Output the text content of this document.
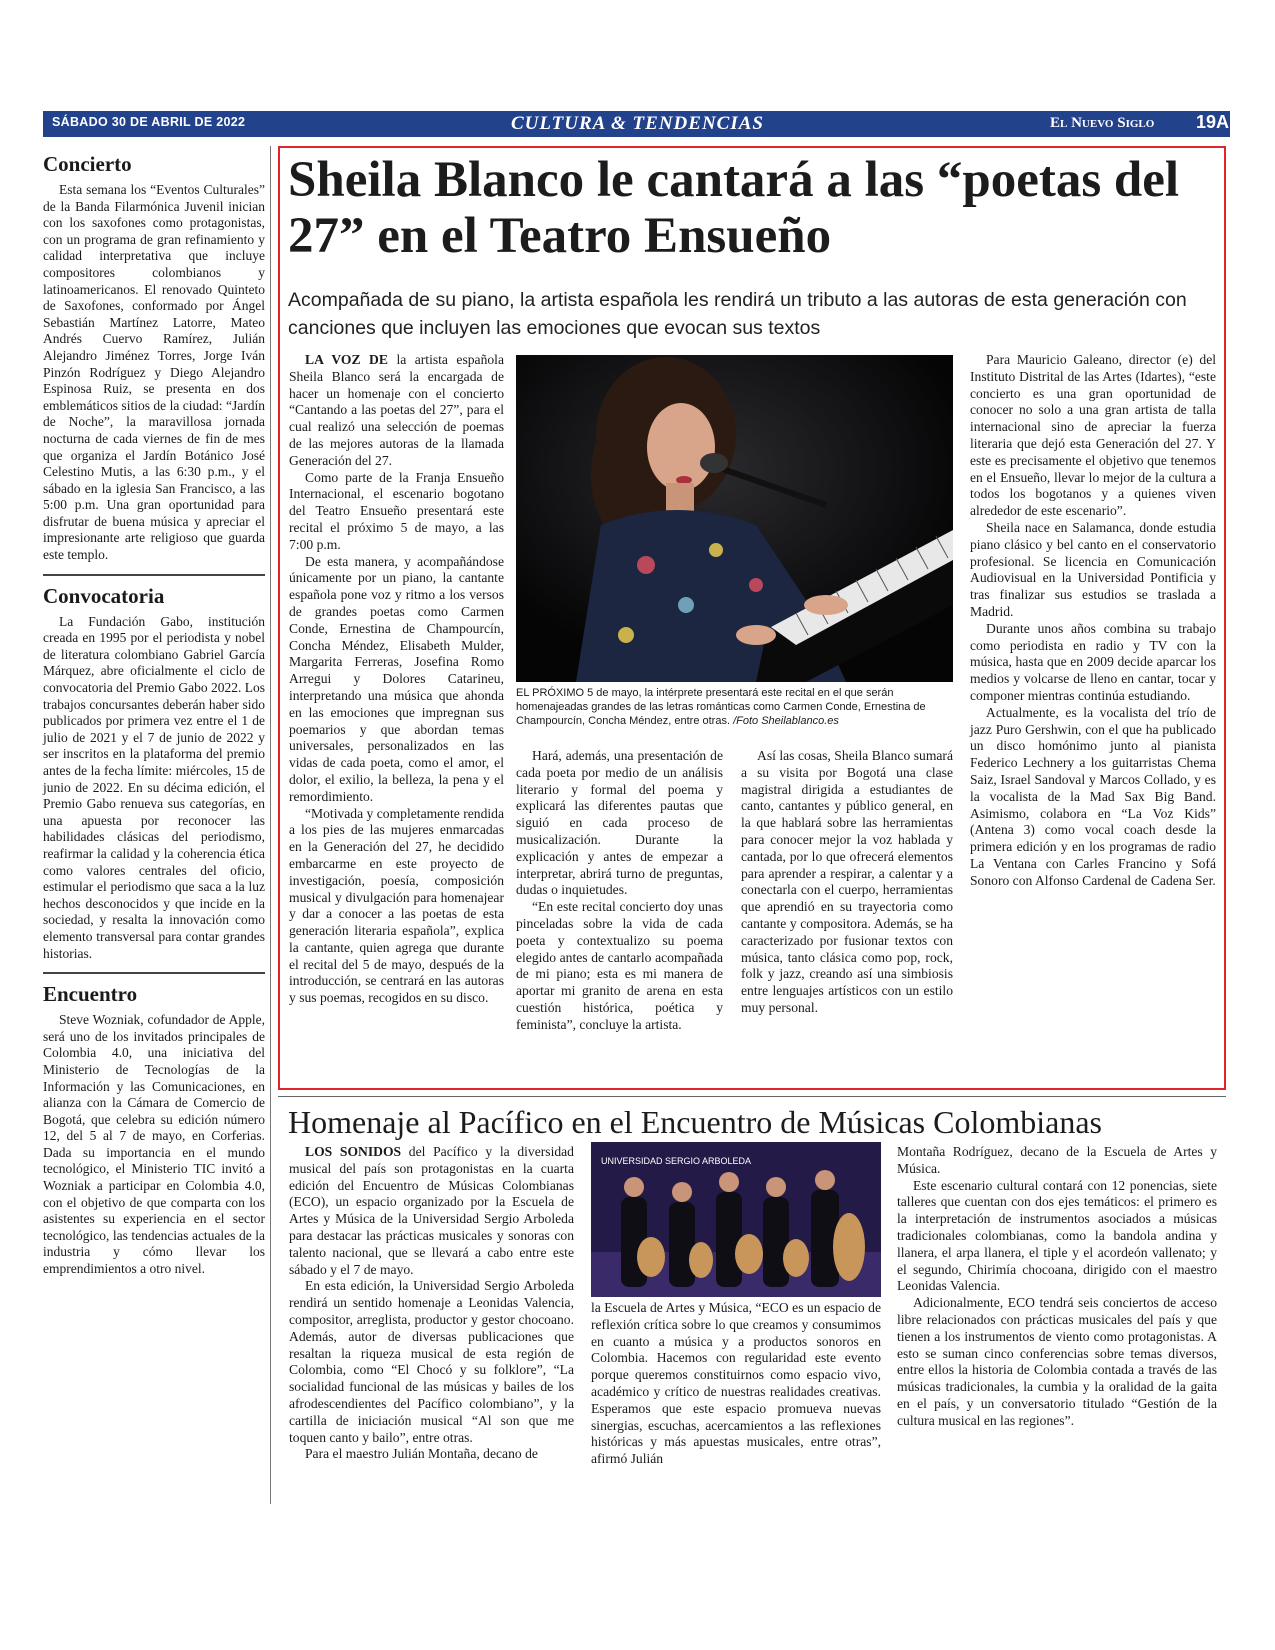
SÁBADO 30 DE ABRIL DE 2022	CULTURA & TENDENCIAS	El Nuevo Siglo 19A
Concierto

Esta semana los “Eventos Culturales” de la Banda Filarmónica Juvenil inician con los saxofones como protagonistas, con un programa de gran refinamiento y calidad interpretativa que incluye compositores colombianos y latinoamericanos. El renovado Quinteto de Saxofones, conformado por Ángel Sebastián Martínez Latorre, Mateo Andrés Cuervo Ramírez, Julián Alejandro Jiménez Torres, Jorge Iván Pinzón Rodríguez y Diego Alejandro Espinosa Ruiz, se presenta en dos emblemáticos sitios de la ciudad: “Jardín de Noche”, la maravillosa jornada nocturna de cada viernes de fin de mes que organiza el Jardín Botánico José Celestino Mutis, a las 6:30 p.m., y el sábado en la iglesia San Francisco, a las 5:00 p.m. Una gran oportunidad para disfrutar de buena música y apreciar el impresionante arte religioso que guarda este templo.

Convocatoria

La Fundación Gabo, institución creada en 1995 por el periodista y nobel de literatura colombiano Gabriel García Márquez, abre oficialmente el ciclo de convocatoria del Premio Gabo 2022. Los trabajos concursantes deberán haber sido publicados por primera vez entre el 1 de julio de 2021 y el 7 de junio de 2022 y ser inscritos en la plataforma del premio antes de la fecha límite: miércoles, 15 de junio de 2022. En su décima edición, el Premio Gabo renueva sus categorías, en una apuesta por reconocer las habilidades clásicas del periodismo, reafirmar la calidad y la coherencia ética como valores centrales del oficio, estimular el periodismo que saca a la luz hechos desconocidos y que incide en la sociedad, y resalta la innovación como elemento transversal para contar grandes historias.

Encuentro

Steve Wozniak, cofundador de Apple, será uno de los invitados principales de Colombia 4.0, una iniciativa del Ministerio de Tecnologías de la Información y las Comunicaciones, en alianza con la Cámara de Comercio de Bogotá, que celebra su edición número 12, del 5 al 7 de mayo, en Corferias. Dada su importancia en el mundo tecnológico, el Ministerio TIC invitó a Wozniak a participar en Colombia 4.0, con el objetivo de que comparta con los asistentes su experiencia en el sector tecnológico, las tendencias actuales de la industria y cómo llevar los emprendimientos a otro nivel.

Sheila Blanco le cantará a las “poetas del 27” en el Teatro Ensueño
Acompañada de su piano, la artista española les rendirá un tributo a las autoras de esta generación con canciones que incluyen las emociones que evocan sus textos

LA VOZ DE la artista española Sheila Blanco será la encargada de hacer un homenaje con el concierto “Cantando a las poetas del 27”, para el cual realizó una selección de poemas de las mejores autoras de la llamada Generación del 27.

Como parte de la Franja Ensueño Internacional, el escenario bogotano del Teatro Ensueño presentará este recital el próximo 5 de mayo, a las 7:00 p.m.

De esta manera, y acompañándose únicamente por un piano, la cantante española pone voz y ritmo a los versos de grandes poetas como Carmen Conde, Ernestina de Champourcín, Concha Méndez, Elisabeth Mulder, Margarita Ferreras, Josefina Romo Arregui y Dolores Catarineu, interpretando una música que ahonda en las emociones que impregnan sus poemarios y que abordan temas universales, personalizados en las vidas de cada poeta, como el amor, el dolor, el exilio, la belleza, la pena y el remordimiento.

“Motivada y completamente rendida a los pies de las mujeres enmarcadas en la Generación del 27, he decidido embarcarme en este proyecto de investigación, poesía, composición musical y divulgación para homenajear y dar a conocer a las poetas de esta generación literaria española”, explica la cantante, quien agrega que durante el recital del 5 de mayo, después de la introducción, se centrará en las autoras y sus poemas, recogidos en su disco.

EL PRÓXIMO 5 de mayo, la intérprete presentará este recital en el que serán homenajeadas grandes de las letras románticas como Carmen Conde, Ernestina de Champourcín, Concha Méndez, entre otras. /Foto Sheilablanco.es

Hará, además, una presentación de cada poeta por medio de un análisis literario y formal del poema y explicará las diferentes pautas que siguió en cada proceso de musicalización. Durante la explicación y antes de empezar a interpretar, abrirá turno de preguntas, dudas o inquietudes.

“En este recital concierto doy unas pinceladas sobre la vida de cada poeta y contextualizo su poema elegido antes de cantarlo acompañada de mi piano; esta es mi manera de aportar mi granito de arena en esta cuestión histórica, poética y feminista”, concluye la artista.

Así las cosas, Sheila Blanco sumará a su visita por Bogotá una clase magistral dirigida a estudiantes de canto, cantantes y público general, en la que hablará sobre las herramientas para conocer mejor la voz hablada y cantada, por lo que ofrecerá elementos para aprender a respirar, a calentar y a conectarla con el cuerpo, herramientas que aprendió en su trayectoria como cantante y compositora. Además, se ha caracterizado por fusionar textos con música, tanto clásica como pop, rock, folk y jazz, creando así una simbiosis entre lenguajes artísticos con un estilo muy personal.

Para Mauricio Galeano, director (e) del Instituto Distrital de las Artes (Idartes), “este concierto es una gran oportunidad de conocer no solo a una gran artista de talla internacional sino de apreciar la fuerza literaria que dejó esta Generación del 27. Y este es precisamente el objetivo que tenemos en el Ensueño, llevar lo mejor de la cultura a todos los bogotanos y a quienes viven alrededor de este escenario”.

Sheila nace en Salamanca, donde estudia piano clásico y bel canto en el conservatorio profesional. Se licencia en Comunicación Audiovisual en la Universidad Pontificia y tras finalizar sus estudios se traslada a Madrid.

Durante unos años combina su trabajo como periodista en radio y TV con la música, hasta que en 2009 decide aparcar los medios y volcarse de lleno en cantar, tocar y componer mientras continúa estudiando.

Actualmente, es la vocalista del trío de jazz Puro Gershwin, con el que ha publicado un disco homónimo junto al pianista Federico Lechnery a los guitarristas Chema Saiz, Israel Sandoval y Marcos Collado, y es la vocalista de la Mad Sax Big Band. Asimismo, colabora en “La Voz Kids” (Antena 3) como vocal coach desde la primera edición y en los programas de radio La Ventana con Carles Francino y Sofá Sonoro con Alfonso Cardenal de Cadena Ser.

Homenaje al Pacífico en el Encuentro de Músicas Colombianas

LOS SONIDOS del Pacífico y la diversidad musical del país son protagonistas en la cuarta edición del Encuentro de Músicas Colombianas (ECO), un espacio organizado por la Escuela de Artes y Música de la Universidad Sergio Arboleda para destacar las prácticas musicales y sonoras con talento nacional, que se llevará a cabo entre este sábado y el 7 de mayo.

En esta edición, la Universidad Sergio Arboleda rendirá un sentido homenaje a Leonidas Valencia, compositor, arreglista, productor y gestor chocoano. Además, autor de diversas publicaciones que resaltan la riqueza musical de esta región de Colombia, como “El Chocó y su folklore”, “La socialidad funcional de las músicas y bailes de los afrodescendientes del Pacífico colombiano”, y la cartilla de iniciación musical “Al son que me toquen canto y bailo”, entre otras.

Para el maestro Julián Montaña, decano de

UNIVERSIDAD SERGIO ARBOLEDA

la Escuela de Artes y Música, “ECO es un espacio de reflexión crítica sobre lo que creamos y consumimos en cuanto a música y a productos sonoros en Colombia. Hacemos con regularidad este evento porque queremos constituirnos como espacio vivo, académico y crítico de nuestras realidades creativas. Esperamos que este espacio promueva nuevas sinergias, escuchas, acercamientos a las reflexiones históricas y más apuestas musicales, entre otras”, afirmó Julián

Montaña Rodríguez, decano de la Escuela de Artes y Música.

Este escenario cultural contará con 12 ponencias, siete talleres que cuentan con dos ejes temáticos: el primero es la interpretación de instrumentos asociados a músicas tradicionales colombianas, como la bandola andina y llanera, el arpa llanera, el tiple y el acordeón vallenato; y el segundo, Chirimía chocoana, dirigido con el maestro Leonidas Valencia.

Adicionalmente, ECO tendrá seis conciertos de acceso libre relacionados con prácticas musicales del país y que tienen a los instrumentos de viento como protagonistas. A esto se suman cinco conferencias sobre temas diversos, entre ellos la historia de Colombia contada a través de las músicas tradicionales, la cumbia y la oralidad de la gaita en el país, y un conversatorio titulado “Gestión de la cultura musical en las regiones”.
